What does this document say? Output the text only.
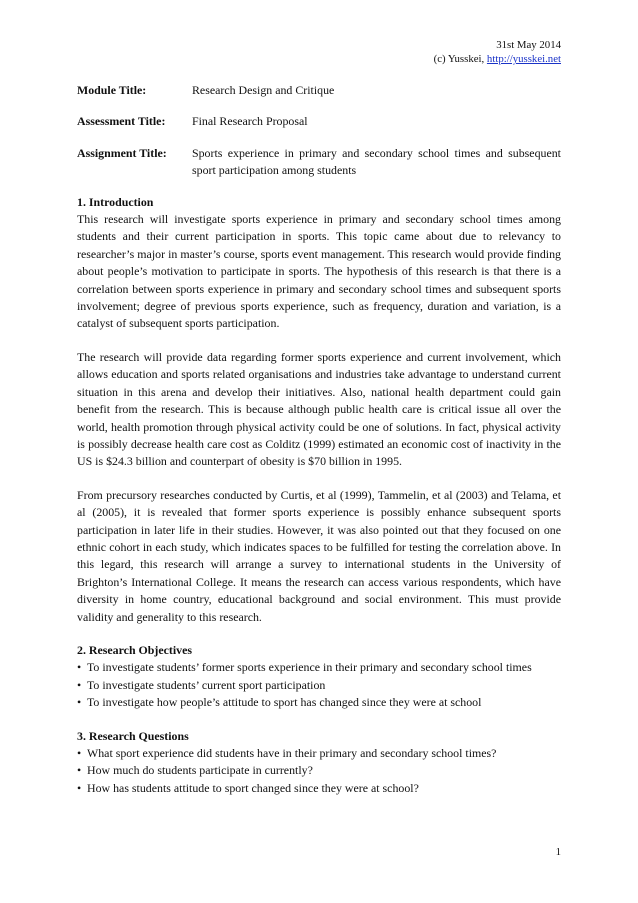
31st May 2014
(c) Yusskei, http://yusskei.net
Module Title:	Research Design and Critique
Assessment Title:	Final Research Proposal
Assignment Title:	Sports experience in primary and secondary school times and subsequent sport participation among students
1. Introduction

This research will investigate sports experience in primary and secondary school times among students and their current participation in sports. This topic came about due to relevancy to researcher’s major in master’s course, sports event management. This research would provide finding about people’s motivation to participate in sports. The hypothesis of this research is that there is a correlation between sports experience in primary and secondary school times and subsequent sports involvement; degree of previous sports experience, such as frequency, duration and variation, is a catalyst of subsequent sports participation.

The research will provide data regarding former sports experience and current involvement, which allows education and sports related organisations and industries take advantage to understand current situation in this arena and develop their initiatives. Also, national health department could gain benefit from the research. This is because although public health care is critical issue all over the world, health promotion through physical activity could be one of solutions. In fact, physical activity is possibly decrease health care cost as Colditz (1999) estimated an economic cost of inactivity in the US is $24.3 billion and counterpart of obesity is $70 billion in 1995.

From precursory researches conducted by Curtis, et al (1999), Tammelin, et al (2003) and Telama, et al (2005), it is revealed that former sports experience is possibly enhance subsequent sports participation in later life in their studies. However, it was also pointed out that they focused on one ethnic cohort in each study, which indicates spaces to be fulfilled for testing the correlation above. In this legard, this research will arrange a survey to international students in the University of Brighton’s International College. It means the research can access various respondents, which have diversity in home country, educational background and social environment. This must provide validity and generality to this research.

2. Research Objectives
• To investigate students’ former sports experience in their primary and secondary school times
• To investigate students’ current sport participation
• To investigate how people’s attitude to sport has changed since they were at school
3. Research Questions
• What sport experience did students have in their primary and secondary school times?
• How much do students participate in currently?
• How has students attitude to sport changed since they were at school?
1
